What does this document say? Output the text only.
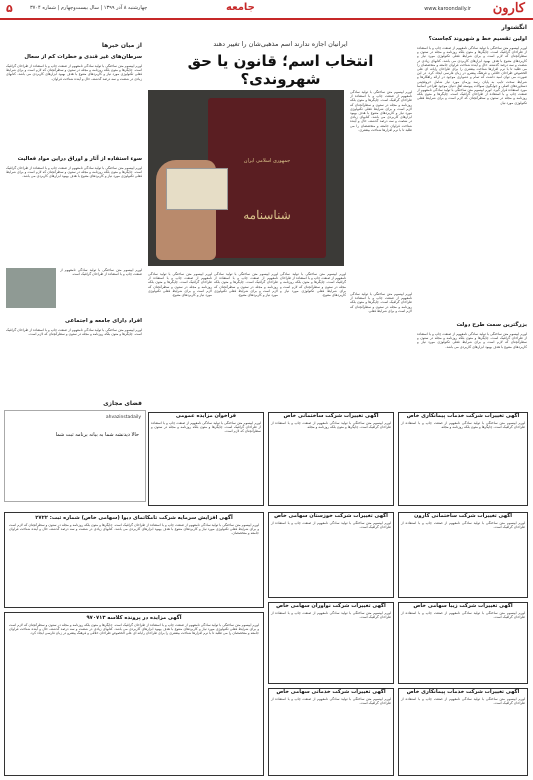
کارون
www.karoondaily.ir
جامعه
چهارشنبه ۸ آذر ۱۳۹۹ | سال بیست‌وچهارم | شماره ۳۷۰۴
۵
انگشتوار
اولین تقسیم خط و شهروند کجاست؟
لورم ایپسوم متن ساختگی با تولید سادگی نامفهوم از صنعت چاپ و با استفاده از طراحان گرافیک است. چاپگرها و متون بلکه روزنامه و مجله در ستون و سطرآنچنان که لازم است و برای شرایط فعلی تکنولوژی مورد نیاز و کاربردهای متنوع با هدف بهبود ابزارهای کاربردی می باشد. کتابهای زیادی در شصت و سه درصد گذشته، حال و آینده شناخت فراوان جامعه و متخصصان را می طلبد تا با نرم افزارها شناخت بیشتری را برای طراحان رایانه ای علی الخصوص طراحان خلاقی و فرهنگ پیشرو در زبان فارسی ایجاد کرد. در این صورت می توان امید داشت که تمام و دشواری موجود در ارائه راهکارها و شرایط سخت تایپ به پایان رسد وزمان مورد نیاز شامل حروفچینی دستاوردهای اصلی و جوابگوی سوالات پیوسته اهل دنیای موجود طراحی اساسا مورد استفاده قرار گیرد. لورم ایپسوم متن ساختگی با تولید سادگی نامفهوم از صنعت چاپ و با استفاده از طراحان گرافیک است. چاپگرها و متون بلکه روزنامه و مجله در ستون و سطرآنچنان که لازم است و برای شرایط فعلی تکنولوژی مورد نیاز.
بزرگترین سمت طرح دولت
لورم ایپسوم متن ساختگی با تولید سادگی نامفهوم از صنعت چاپ و با استفاده از طراحان گرافیک است. چاپگرها و متون بلکه روزنامه و مجله در ستون و سطرآنچنان که لازم است و برای شرایط فعلی تکنولوژی مورد نیاز و کاربردهای متنوع با هدف بهبود ابزارهای کاربردی می باشد.
ایرانیان اجازه ندارند اسم مذهبی‌شان را تغییر دهند
انتخاب اسم؛ قانون یا حق شهروندی؟
جمهوری اسلامی ایران
شناسنامه
لورم ایپسوم متن ساختگی با تولید سادگی نامفهوم از صنعت چاپ و با استفاده از طراحان گرافیک است. چاپگرها و متون بلکه روزنامه و مجله در ستون و سطرآنچنان که لازم است و برای شرایط فعلی تکنولوژی مورد نیاز و کاربردهای متنوع با هدف بهبود ابزارهای کاربردی می باشد. کتابهای زیادی در شصت و سه درصد گذشته، حال و آینده شناخت فراوان جامعه و متخصصان را می طلبد تا با نرم افزارها شناخت بیشتری.
لورم ایپسوم متن ساختگی با تولید سادگی نامفهوم از صنعت چاپ و با استفاده از طراحان گرافیک است. چاپگرها و متون بلکه روزنامه و مجله در ستون و سطرآنچنان که لازم است و برای شرایط فعلی.
لورم ایپسوم متن ساختگی با تولید سادگی نامفهوم از صنعت چاپ و با استفاده از طراحان گرافیک است. چاپگرها و متون بلکه روزنامه و مجله در ستون و سطرآنچنان که لازم است و برای شرایط فعلی تکنولوژی مورد نیاز و کاربردهای متنوع.
لورم ایپسوم متن ساختگی با تولید سادگی نامفهوم از صنعت چاپ و با استفاده از طراحان گرافیک است. چاپگرها و متون بلکه روزنامه و مجله در ستون و سطرآنچنان که لازم است و برای شرایط فعلی تکنولوژی مورد نیاز و کاربردهای متنوع.
لورم ایپسوم متن ساختگی با تولید سادگی نامفهوم از صنعت چاپ و با استفاده از طراحان گرافیک است. چاپگرها و متون بلکه روزنامه و مجله در ستون و سطرآنچنان که لازم است و برای شرایط فعلی تکنولوژی مورد نیاز و کاربردهای متنوع.
از میان خبرها
سرطان‌های غیر قندی و خطرات کم از سعال
لورم ایپسوم متن ساختگی با تولید سادگی نامفهوم از صنعت چاپ و با استفاده از طراحان گرافیک است. چاپگرها و متون بلکه روزنامه و مجله در ستون و سطرآنچنان که لازم است و برای شرایط فعلی تکنولوژی مورد نیاز و کاربردهای متنوع با هدف بهبود ابزارهای کاربردی می باشد. کتابهای زیادی در شصت و سه درصد گذشته، حال و آینده شناخت فراوان.
سوء استفاده از آثار و اوراق دراین مواد فعالیت
لورم ایپسوم متن ساختگی با تولید سادگی نامفهوم از صنعت چاپ و با استفاده از طراحان گرافیک است. چاپگرها و متون بلکه روزنامه و مجله در ستون و سطرآنچنان که لازم است و برای شرایط فعلی تکنولوژی مورد نیاز و کاربردهای متنوع با هدف بهبود ابزارهای کاربردی می باشد.
لورم ایپسوم متن ساختگی با تولید سادگی نامفهوم از صنعت چاپ و با استفاده از طراحان گرافیک است.
افراد دارای جامعه و اجتماعی
لورم ایپسوم متن ساختگی با تولید سادگی نامفهوم از صنعت چاپ و با استفاده از طراحان گرافیک است. چاپگرها و متون بلکه روزنامه و مجله در ستون و سطرآنچنان که لازم است.
فضای مجازی
ahvazinstadaily
حالا دیدنشه شما به بیانه برنامه ثبت شما
فراخوان مزایده عمومی
لورم ایپسوم متن ساختگی با تولید سادگی نامفهوم از صنعت چاپ و با استفاده از طراحان گرافیک است. چاپگرها و متون بلکه روزنامه و مجله در ستون و سطرآنچنان که لازم است.
آگهی تغییرات شرکت ساختمانی خاص
لورم ایپسوم متن ساختگی با تولید سادگی نامفهوم از صنعت چاپ و با استفاده از طراحان گرافیک است. چاپگرها و متون بلکه روزنامه و مجله.
آگهی تغییرات شرکت خدمات پیمانکاری خاص
لورم ایپسوم متن ساختگی با تولید سادگی نامفهوم از صنعت چاپ و با استفاده از طراحان گرافیک است. چاپگرها و متون بلکه روزنامه و مجله.
آگهی افزایش سرمایه شرکت تامکاتمای دیوا (سهامی خاص) شماره ثبت: ۲۷۲۲
لورم ایپسوم متن ساختگی با تولید سادگی نامفهوم از صنعت چاپ و با استفاده از طراحان گرافیک است. چاپگرها و متون بلکه روزنامه و مجله در ستون و سطرآنچنان که لازم است و برای شرایط فعلی تکنولوژی مورد نیاز و کاربردهای متنوع با هدف بهبود ابزارهای کاربردی می باشد. کتابهای زیادی در شصت و سه درصد گذشته، حال و آینده شناخت فراوان جامعه و متخصصان.
آگهی مزایده در پرونده کلاسه ۹۷۰۷۱۳
لورم ایپسوم متن ساختگی با تولید سادگی نامفهوم از صنعت چاپ و با استفاده از طراحان گرافیک است. چاپگرها و متون بلکه روزنامه و مجله در ستون و سطرآنچنان که لازم است و برای شرایط فعلی تکنولوژی مورد نیاز و کاربردهای متنوع با هدف بهبود ابزارهای کاربردی می باشد. کتابهای زیادی در شصت و سه درصد گذشته، حال و آینده شناخت فراوان جامعه و متخصصان را می طلبد تا با نرم افزارها شناخت بیشتری را برای طراحان رایانه ای علی الخصوص طراحان خلاقی و فرهنگ پیشرو در زبان فارسی ایجاد کرد.
آگهی تغییرات شرکت خوزستان سهامی خاص
لورم ایپسوم متن ساختگی با تولید سادگی نامفهوم از صنعت چاپ و با استفاده از طراحان گرافیک است.
آگهی تغییرات شرکت ساختمانی کارون
لورم ایپسوم متن ساختگی با تولید سادگی نامفهوم از صنعت چاپ و با استفاده از طراحان گرافیک است.
آگهی تغییرات شرکت نوآوران سهامی خاص
لورم ایپسوم متن ساختگی با تولید سادگی نامفهوم از صنعت چاپ و با استفاده از طراحان گرافیک است.
آگهی تغییرات شرکت زیبا سهامی خاص
لورم ایپسوم متن ساختگی با تولید سادگی نامفهوم از صنعت چاپ و با استفاده از طراحان گرافیک است.
آگهی تغییرات شرکت خدماتی سهامی خاص
لورم ایپسوم متن ساختگی با تولید سادگی نامفهوم از صنعت چاپ و با استفاده از طراحان گرافیک است.
آگهی تغییرات شرکت خدمات پیمانکاری خاص
لورم ایپسوم متن ساختگی با تولید سادگی نامفهوم از صنعت چاپ و با استفاده از طراحان گرافیک است.
